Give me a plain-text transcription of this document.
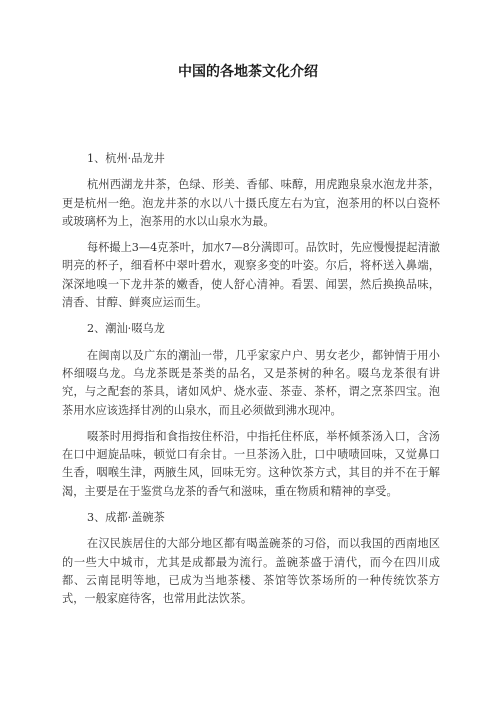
中国的各地茶文化介绍
1、杭州·品龙井

杭州西湖龙井茶，色绿、形美、香郁、味醇，用虎跑泉泉水泡龙井茶，更是杭州一绝。泡龙井茶的水以八十摄氏度左右为宜，泡茶用的杯以白瓷杯或玻璃杯为上，泡茶用的水以山泉水为最。

每杯撮上3—4克茶叶，加水7—8分满即可。品饮时，先应慢慢提起清澈明亮的杯子，细看杯中翠叶碧水，观察多变的叶姿。尔后，将杯送入鼻端，深深地嗅一下龙井茶的嫩香，使人舒心清神。看罢、闻罢，然后换换品味，清香、甘醇、鲜爽应运而生。

2、潮汕·啜乌龙

在闽南以及广东的潮汕一带，几乎家家户户、男女老少，都钟情于用小杯细啜乌龙。乌龙茶既是茶类的品名，又是茶树的种名。啜乌龙茶很有讲究，与之配套的茶具，诸如风炉、烧水壶、茶壶、茶杯，谓之烹茶四宝。泡茶用水应该选择甘冽的山泉水，而且必须做到沸水现冲。

啜茶时用拇指和食指按住杯沿，中指托住杯底，举杯倾茶汤入口，含汤在口中迴旋品味，顿觉口有余甘。一旦茶汤入肚，口中啧啧回味，又觉鼻口生香，咽喉生津，两腋生风，回味无穷。这种饮茶方式，其目的并不在于解渴，主要是在于鉴赏乌龙茶的香气和滋味，重在物质和精神的享受。

3、成都·盖碗茶

在汉民族居住的大部分地区都有喝盖碗茶的习俗，而以我国的西南地区的一些大中城市，尤其是成都最为流行。盖碗茶盛于清代，而今在四川成都、云南昆明等地，已成为当地茶楼、茶馆等饮茶场所的一种传统饮茶方式，一般家庭待客，也常用此法饮茶。
